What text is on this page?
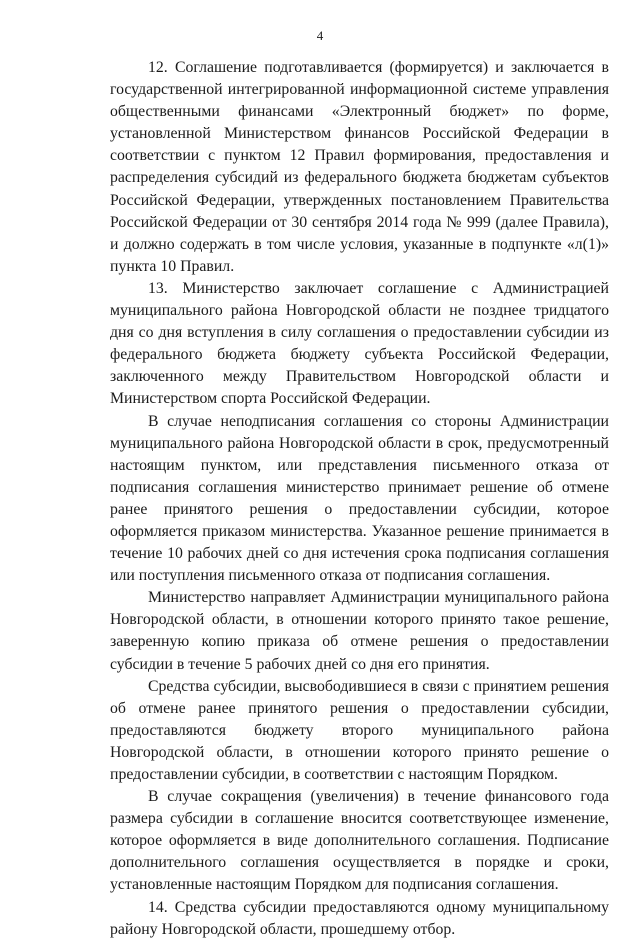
4

12. Соглашение подготавливается (формируется) и заключается в государственной интегрированной информационной системе управления общественными финансами «Электронный бюджет» по форме, установленной Министерством финансов Российской Федерации в соответствии с пунктом 12 Правил формирования, предоставления и распределения субсидий из федерального бюджета бюджетам субъектов Российской Федерации, утвержденных постановлением Правительства Российской Федерации от 30 сентября 2014 года № 999 (далее Правила), и должно содержать в том числе условия, указанные в подпункте «л(1)» пункта 10 Правил.

13. Министерство заключает соглашение с Администрацией муниципального района Новгородской области не позднее тридцатого дня со дня вступления в силу соглашения о предоставлении субсидии из федерального бюджета бюджету субъекта Российской Федерации, заключенного между Правительством Новгородской области и Министерством спорта Российской Федерации.

В случае неподписания соглашения со стороны Администрации муниципального района Новгородской области в срок, предусмотренный настоящим пунктом, или представления письменного отказа от подписания соглашения министерство принимает решение об отмене ранее принятого решения о предоставлении субсидии, которое оформляется приказом министерства. Указанное решение принимается в течение 10 рабочих дней со дня истечения срока подписания соглашения или поступления письменного отказа от подписания соглашения.

Министерство направляет Администрации муниципального района Новгородской области, в отношении которого принято такое решение, заверенную копию приказа об отмене решения о предоставлении субсидии в течение 5 рабочих дней со дня его принятия.

Средства субсидии, высвободившиеся в связи с принятием решения об отмене ранее принятого решения о предоставлении субсидии, предоставляются бюджету второго муниципального района Новгородской области, в отношении которого принято решение о предоставлении субсидии, в соответствии с настоящим Порядком.

В случае сокращения (увеличения) в течение финансового года размера субсидии в соглашение вносится соответствующее изменение, которое оформляется в виде дополнительного соглашения. Подписание дополнительного соглашения осуществляется в порядке и сроки, установленные настоящим Порядком для подписания соглашения.

14. Средства субсидии предоставляются одному муниципальному району Новгородской области, прошедшему отбор.
